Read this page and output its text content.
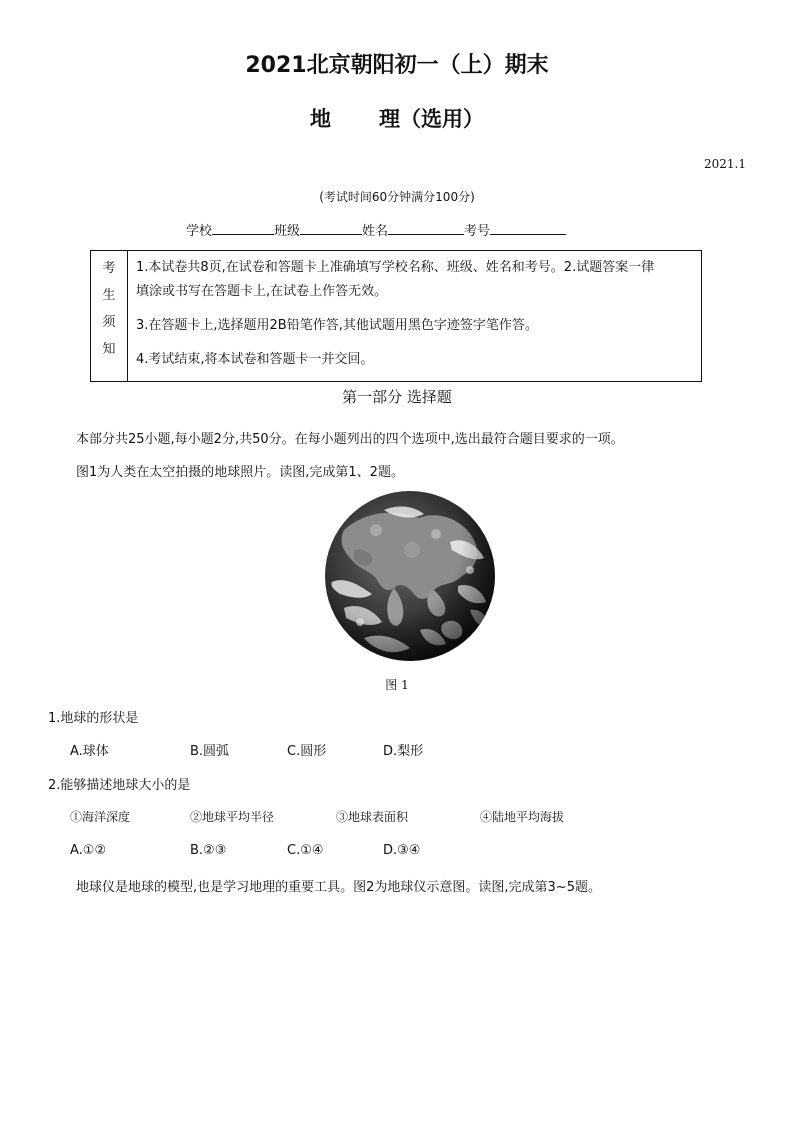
2021北京朝阳初一（上）期末
地 理（选用）
2021.1
(考试时间60分钟满分100分)
学校	班级	姓名	考号
考
生
须
知

1.本试卷共8页,在试卷和答题卡上准确填写学校名称、班级、姓名和考号。2.试题答案一律

填涂或书写在答题卡上,在试卷上作答无效。

3.在答题卡上,选择题用2B铅笔作答,其他试题用黑色字迹签字笔作答。

4.考试结束,将本试卷和答题卡一并交回。

第一部分 选择题
本部分共25小题,每小题2分,共50分。在每小题列出的四个选项中,选出最符合题目要求的一项。
图1为人类在太空拍摄的地球照片。读图,完成第1、2题。
图 1
1.地球的形状是
A.球体	B.圆弧	C.圆形	D.梨形
2.能够描述地球大小的是
①海洋深度	②地球平均半径	③地球表面积	④陆地平均海拔
A.①②	B.②③	C.①④	D.③④
地球仪是地球的模型,也是学习地理的重要工具。图2为地球仪示意图。读图,完成第3~5题。
